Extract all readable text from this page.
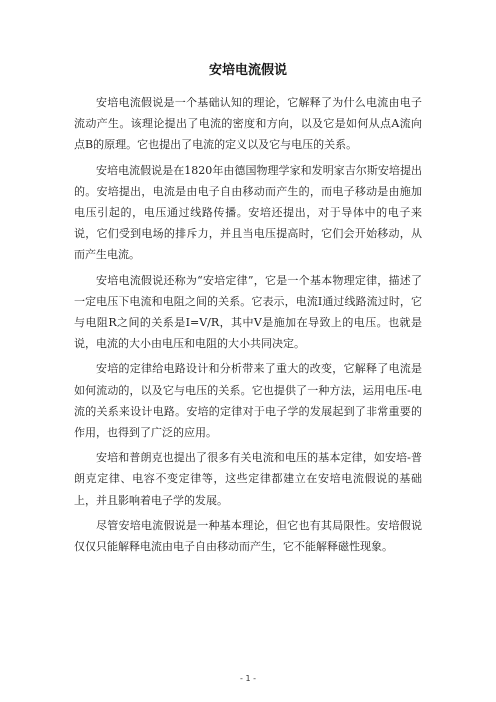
安培电流假说

安培电流假说是一个基础认知的理论，它解释了为什么电流由电子流动产生。该理论提出了电流的密度和方向，以及它是如何从点A流向点B的原理。它也提出了电流的定义以及它与电压的关系。

安培电流假说是在1820年由德国物理学家和发明家吉尔斯安培提出的。安培提出，电流是由电子自由移动而产生的，而电子移动是由施加电压引起的，电压通过线路传播。安培还提出，对于导体中的电子来说，它们受到电场的排斥力，并且当电压提高时，它们会开始移动，从而产生电流。

安培电流假说还称为“安培定律”，它是一个基本物理定律，描述了一定电压下电流和电阻之间的关系。它表示，电流I通过线路流过时，它与电阻R之间的关系是I=V/R，其中V是施加在导致上的电压。也就是说，电流的大小由电压和电阻的大小共同决定。

安培的定律给电路设计和分析带来了重大的改变，它解释了电流是如何流动的，以及它与电压的关系。它也提供了一种方法，运用电压-电流的关系来设计电路。安培的定律对于电子学的发展起到了非常重要的作用，也得到了广泛的应用。

安培和普朗克也提出了很多有关电流和电压的基本定律，如安培-普朗克定律、电容不变定律等，这些定律都建立在安培电流假说的基础上，并且影响着电子学的发展。

尽管安培电流假说是一种基本理论，但它也有其局限性。安培假说仅仅只能解释电流由电子自由移动而产生，它不能解释磁性现象。

- 1 -
